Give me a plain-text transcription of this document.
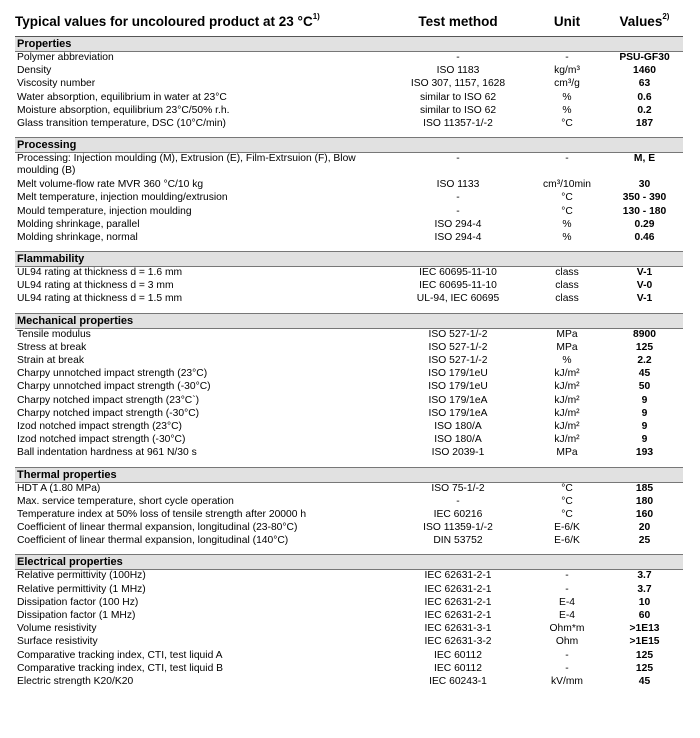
Typical values for uncoloured product at 23 $^\circ C^{1)}$	Test method	Unit	Values$^{2)}$
Properties			
Polymer abbreviation	-	-	PSU-GF30
Density	ISO 1183	kg/m³	1460
Viscosity number	ISO 307, 1157, 1628	cm³/g	63
Water absorption, equilibrium in water at 23°C	similar to ISO 62	%	0.6
Moisture absorption, equilibrium 23°C/50% r.h.	similar to ISO 62	%	0.2
Glass transition temperature, DSC (10°C/min)	ISO 11357-1/-2	°C	187

Processing			
Processing: Injection moulding (M), Extrusion (E), Film-Extrsuion (F), Blow moulding (B)	-	-	M, E
Melt volume-flow rate MVR 360 °C/10 kg	ISO 1133	cm³/10min	30
Melt temperature, injection moulding/extrusion	-	°C	350 - 390
Mould temperature, injection moulding	-	°C	130 - 180
Molding shrinkage, parallel	ISO 294-4	%	0.29
Molding shrinkage, normal	ISO 294-4	%	0.46

Flammability			
UL94 rating at thickness d = 1.6 mm	IEC 60695-11-10	class	V-1
UL94 rating at thickness d = 3 mm	IEC 60695-11-10	class	V-0
UL94 rating at thickness d = 1.5 mm	UL-94, IEC 60695	class	V-1

Mechanical properties			
Tensile modulus	ISO 527-1/-2	MPa	8900
Stress at break	ISO 527-1/-2	MPa	125
Strain at break	ISO 527-1/-2	%	2.2
Charpy unnotched impact strength (23°C)	ISO 179/1eU	kJ/m²	45
Charpy unnotched impact strength (-30°C)	ISO 179/1eU	kJ/m²	50
Charpy notched impact strength (23°C`)	ISO 179/1eA	kJ/m²	9
Charpy notched impact strength (-30°C)	ISO 179/1eA	kJ/m²	9
Izod notched impact strength (23°C)	ISO 180/A	kJ/m²	9
Izod notched impact strength (-30°C)	ISO 180/A	kJ/m²	9
Ball indentation hardness at 961 N/30 s	ISO 2039-1	MPa	193

Thermal properties			
HDT A (1.80 MPa)	ISO 75-1/-2	°C	185
Max. service temperature, short cycle operation	-	°C	180
Temperature index at 50% loss of tensile strength after 20000 h	IEC 60216	°C	160
Coefficient of linear thermal expansion, longitudinal (23-80°C)	ISO 11359-1/-2	E-6/K	20
Coefficient of linear thermal expansion, longitudinal (140°C)	DIN 53752	E-6/K	25

Electrical properties			
Relative permittivity (100Hz)	IEC 62631-2-1	-	3.7
Relative permittivity (1 MHz)	IEC 62631-2-1	-	3.7
Dissipation factor (100 Hz)	IEC 62631-2-1	E-4	10
Dissipation factor (1 MHz)	IEC 62631-2-1	E-4	60
Volume resistivity	IEC 62631-3-1	Ohm*m	>1E13
Surface resistivity	IEC 62631-3-2	Ohm	>1E15
Comparative tracking index, CTI, test liquid A	IEC 60112	-	125
Comparative tracking index, CTI, test liquid B	IEC 60112	-	125
Electric strength K20/K20	IEC 60243-1	kV/mm	45
